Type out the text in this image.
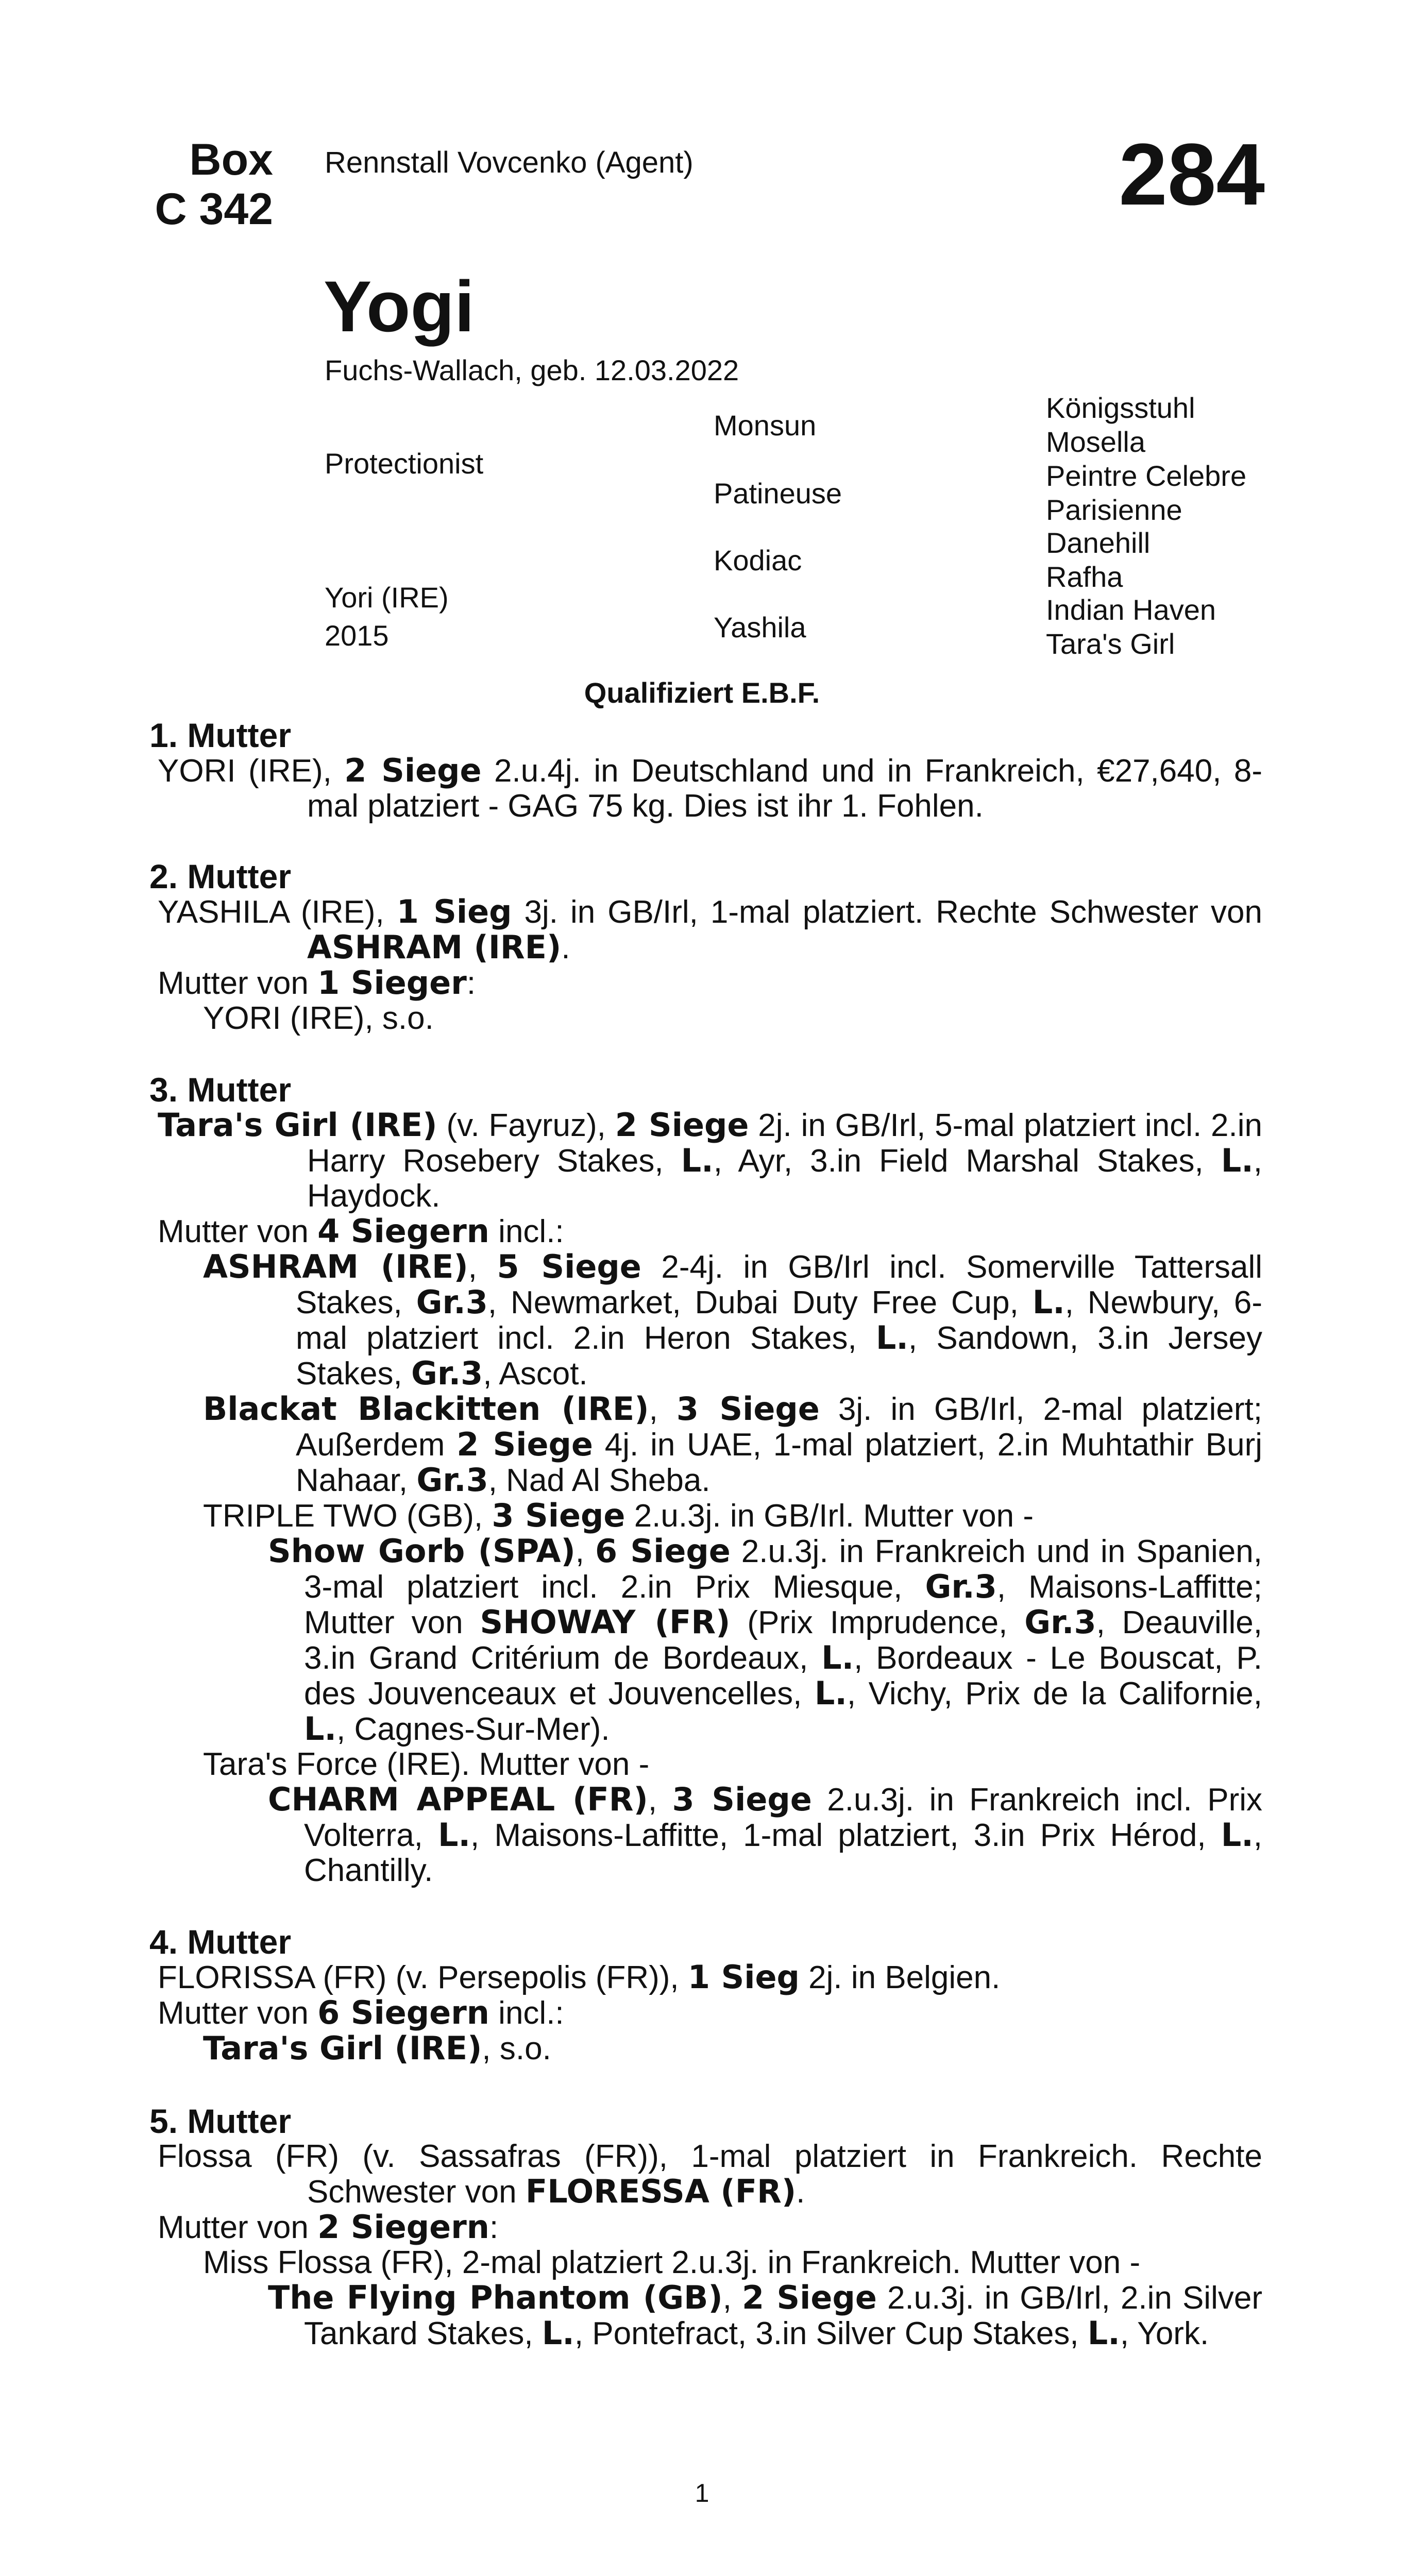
Box
C 342
Rennstall Vovcenko (Agent)	284
Yogi
Fuchs-Wallach, geb. 12.03.2022
Protectionist
Yori (IRE)
2015
Monsun
Patineuse
Kodiac
Yashila
Königsstuhl
Mosella
Peintre Celebre
Parisienne
Danehill
Rafha
Indian Haven
Tara's Girl
Qualifiziert E.B.F.
1. Mutter
YORI (IRE), 2 Siege 2.u.4j. in Deutschland und in Frankreich, €27,640, 8-mal platziert - GAG 75 kg. Dies ist ihr 1. Fohlen.
2. Mutter
YASHILA (IRE), 1 Sieg 3j. in GB/Irl, 1-mal platziert. Rechte Schwester von ASHRAM (IRE).
Mutter von 1 Sieger:
YORI (IRE), s.o.
3. Mutter
Tara's Girl (IRE) (v. Fayruz), 2 Siege 2j. in GB/Irl, 5-mal platziert incl. 2.in Harry Rosebery Stakes, L., Ayr, 3.in Field Marshal Stakes, L., Haydock.
Mutter von 4 Siegern incl.:
ASHRAM (IRE), 5 Siege 2-4j. in GB/Irl incl. Somerville Tattersall Stakes, Gr.3, Newmarket, Dubai Duty Free Cup, L., Newbury, 6-mal platziert incl. 2.in Heron Stakes, L., Sandown, 3.in Jersey Stakes, Gr.3, Ascot.
Blackat Blackitten (IRE), 3 Siege 3j. in GB/Irl, 2-mal platziert; Außerdem 2 Siege 4j. in UAE, 1-mal platziert, 2.in Muhtathir Burj Nahaar, Gr.3, Nad Al Sheba.
TRIPLE TWO (GB), 3 Siege 2.u.3j. in GB/Irl. Mutter von -
Show Gorb (SPA), 6 Siege 2.u.3j. in Frankreich und in Spanien, 3-mal platziert incl. 2.in Prix Miesque, Gr.3, Maisons-Laffitte; Mutter von SHOWAY (FR) (Prix Imprudence, Gr.3, Deauville, 3.in Grand Critérium de Bordeaux, L., Bordeaux - Le Bouscat, P. des Jouvenceaux et Jouvencelles, L., Vichy, Prix de la Californie, L., Cagnes-Sur-Mer).
Tara's Force (IRE). Mutter von -
CHARM APPEAL (FR), 3 Siege 2.u.3j. in Frankreich incl. Prix Volterra, L., Maisons-Laffitte, 1-mal platziert, 3.in Prix Hérod, L., Chantilly.
4. Mutter
FLORISSA (FR) (v. Persepolis (FR)), 1 Sieg 2j. in Belgien.
Mutter von 6 Siegern incl.:
Tara's Girl (IRE), s.o.
5. Mutter
Flossa (FR) (v. Sassafras (FR)), 1-mal platziert in Frankreich. Rechte Schwester von FLORESSA (FR).
Mutter von 2 Siegern:
Miss Flossa (FR), 2-mal platziert 2.u.3j. in Frankreich. Mutter von -
The Flying Phantom (GB), 2 Siege 2.u.3j. in GB/Irl, 2.in Silver Tankard Stakes, L., Pontefract, 3.in Silver Cup Stakes, L., York.
1
